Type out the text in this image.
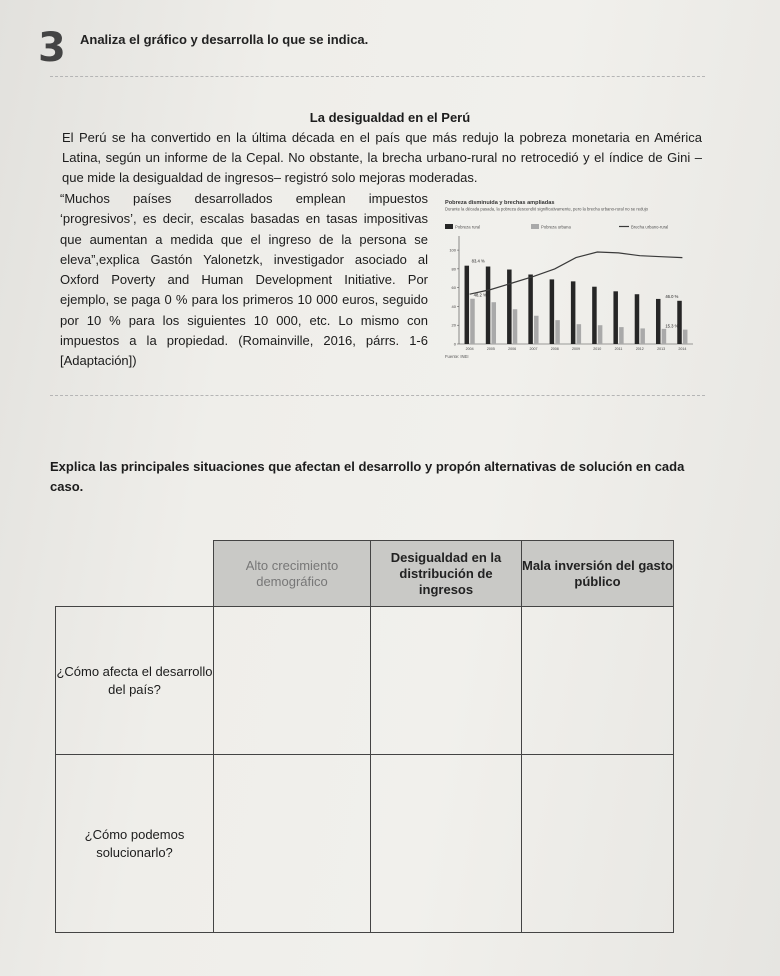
3 Analiza el gráfico y desarrolla lo que se indica.
La desigualdad en el Perú
El Perú se ha convertido en la última década en el país que más redujo la pobreza monetaria en América Latina, según un informe de la Cepal. No obstante, la brecha urbano-rural no retrocedió y el índice de Gini –que mide la desigualdad de ingresos– registró solo mejoras moderadas.
“Muchos países desarrollados emplean impuestos ‘progresivos’, es decir, escalas basadas en tasas impositivas que aumentan a medida que el ingreso de la persona se eleva”,explica Gastón Yalonetzk, investigador asociado al Oxford Poverty and Human Development Initiative. Por ejemplo, se paga 0 % para los primeros 10 000 euros, seguido por 10 % para los siguientes 10 000, etc. Lo mismo con impuestos a la propiedad. (Romainville, 2016, párrs. 1-6 [Adaptación])
Pobreza disminuida y brechas ampliadas
Durante la década pasada, la pobreza descendió significativamente, pero la brecha urbano-rural no se redujo
Pobreza rural	Pobreza urbana	Brecha urbano-rural
0
20
40
60
80
100
2004	2005	2006	2007	2008	2009	2010	2011	2012	2013	2014
83.4 %
48.2 %	46.0 %
15.3 %
Fuente: INEI
Explica las principales situaciones que afectan el desarrollo y propón alternativas de solución en cada caso.
	Alto crecimiento demográfico	Desigualdad en la distribución de ingresos	Mala inversión del gasto público
¿Cómo afecta el desarrollo del país?			
¿Cómo podemos solucionarlo?			
